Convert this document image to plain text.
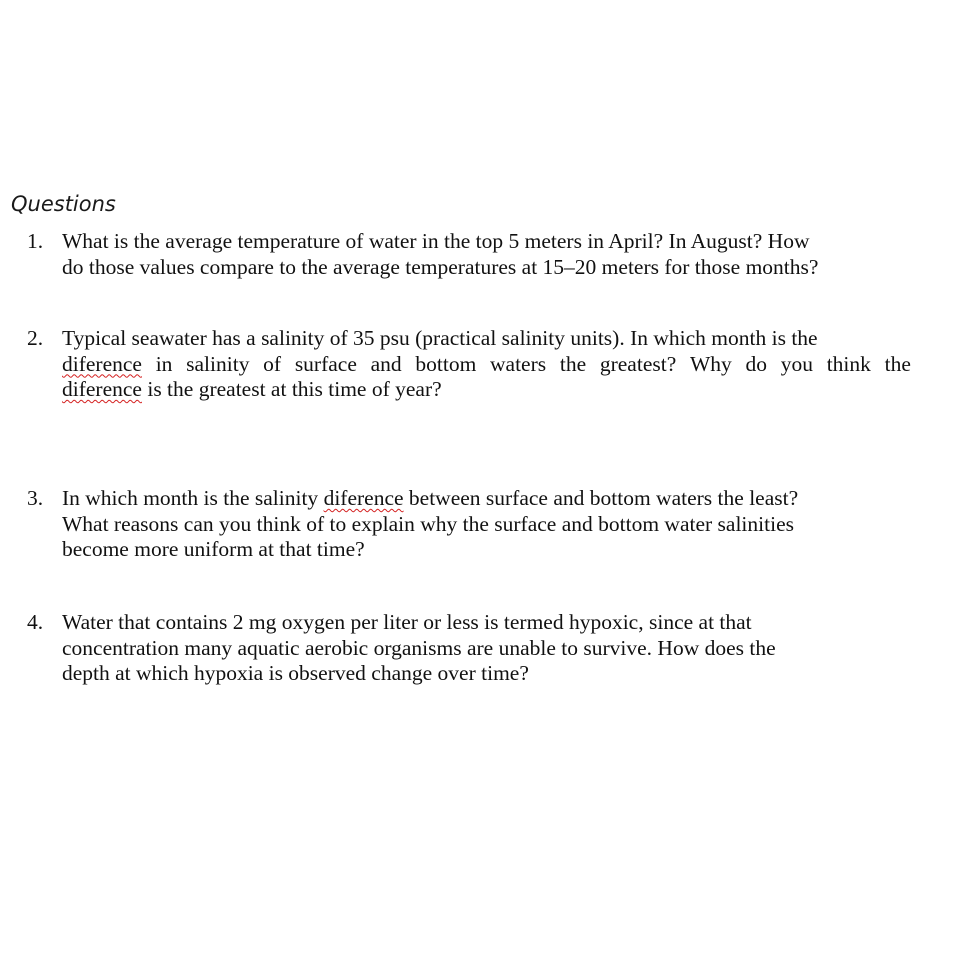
Questions
1. What is the average temperature of water in the top 5 meters in April? In August? How
do those values compare to the average temperatures at 15–20 meters for those months?
2. Typical seawater has a salinity of 35 psu (practical salinity units). In which month is the
diference in salinity of surface and bottom waters the greatest? Why do you think the
diference is the greatest at this time of year?
3. In which month is the salinity diference between surface and bottom waters the least?
What reasons can you think of to explain why the surface and bottom water salinities
become more uniform at that time?
4. Water that contains 2 mg oxygen per liter or less is termed hypoxic, since at that
concentration many aquatic aerobic organisms are unable to survive. How does the
depth at which hypoxia is observed change over time?
